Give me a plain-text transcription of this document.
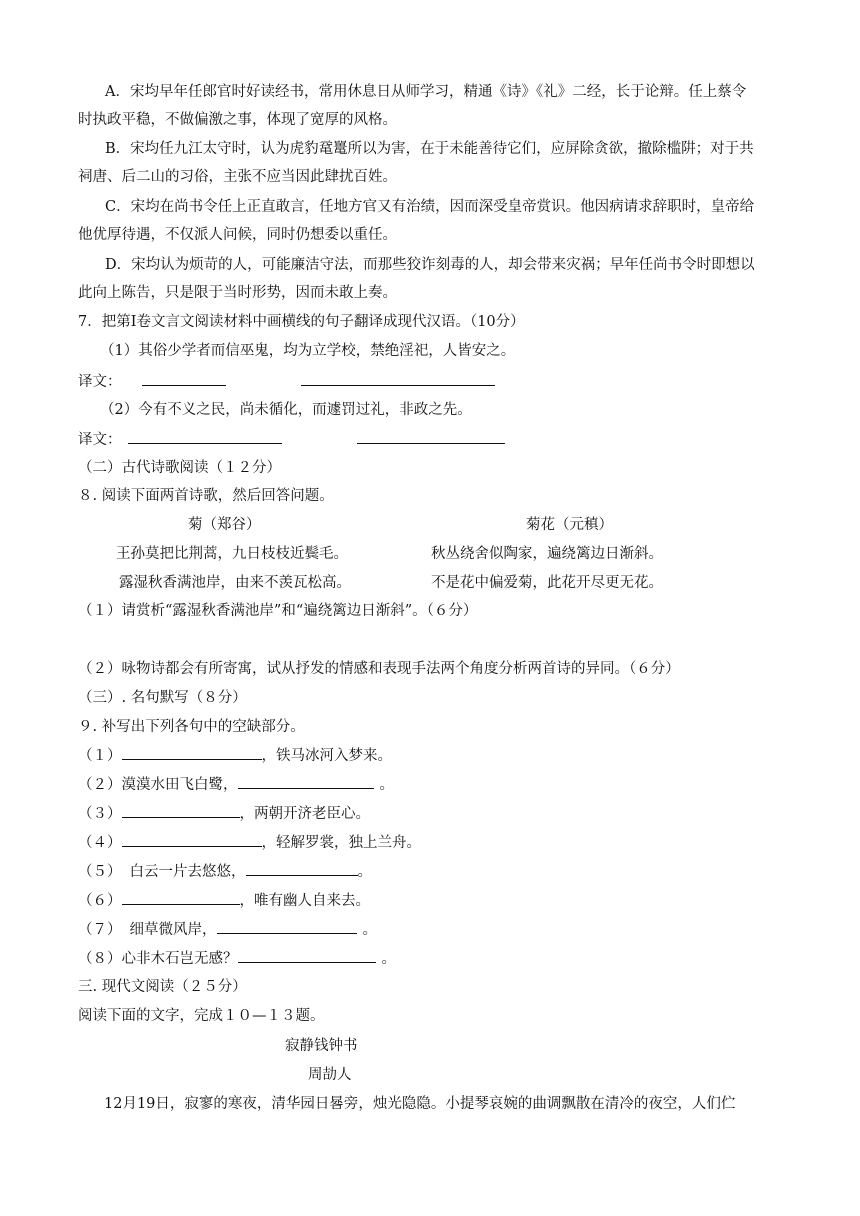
A．宋均早年任郎官时好读经书，常用休息日从师学习，精通《诗》《礼》二经，长于论辩。任上蔡令
时执政平稳，不做偏激之事，体现了宽厚的风格。
B．宋均任九江太守时，认为虎豹鼋鼍所以为害，在于未能善待它们，应屏除贪欲，撤除槛阱；对于共
祠唐、后二山的习俗，主张不应当因此肆扰百姓。
C．宋均在尚书令任上正直敢言，任地方官又有治绩，因而深受皇帝赏识。他因病请求辞职时，皇帝给
他优厚待遇，不仅派人问候，同时仍想委以重任。
D．宋均认为烦苛的人，可能廉洁守法，而那些狡诈刻毒的人，却会带来灾祸；早年任尚书令时即想以
此向上陈告，只是限于当时形势，因而未敢上奏。
7．把第Ⅰ卷文言文阅读材料中画横线的句子翻译成现代汉语。（10分）
（1）其俗少学者而信巫鬼，均为立学校，禁绝淫祀，人皆安之。
译文：
（2）今有不义之民，尚未循化，而遽罚过礼，非政之先。
译文：
（二）古代诗歌阅读（１２分）
８. 阅读下面两首诗歌，然后回答问题。
菊（郑谷）	菊花（元稹）
王孙莫把比荆蒿，九日枝枝近鬓毛。	秋丛绕舍似陶家，遍绕篱边日渐斜。
露湿秋香满池岸，由来不羡瓦松高。	不是花中偏爱菊，此花开尽更无花。
（１）请赏析“露湿秋香满池岸”和“遍绕篱边日渐斜”。（６分）
（２）咏物诗都会有所寄寓，试从抒发的情感和表现手法两个角度分析两首诗的异同。（６分）
（三）. 名句默写（８分）
９. 补写出下列各句中的空缺部分。
（１）	，铁马冰河入梦来。
（２）漠漠水田飞白鹭，	。
（３）	，两朝开济老臣心。
（４）	，轻解罗裳，独上兰舟。
（５） 白云一片去悠悠，	。
（６）	，唯有幽人自来去。
（７） 细草微风岸，	。
（８）心非木石岂无感？	。
三. 现代文阅读（２５分）
阅读下面的文字，完成１０—１３题。
寂静钱钟书
周劼人
12月19日，寂寥的寒夜，清华园日晷旁，烛光隐隐。小提琴哀婉的曲调飘散在清冷的夜空，人们伫
